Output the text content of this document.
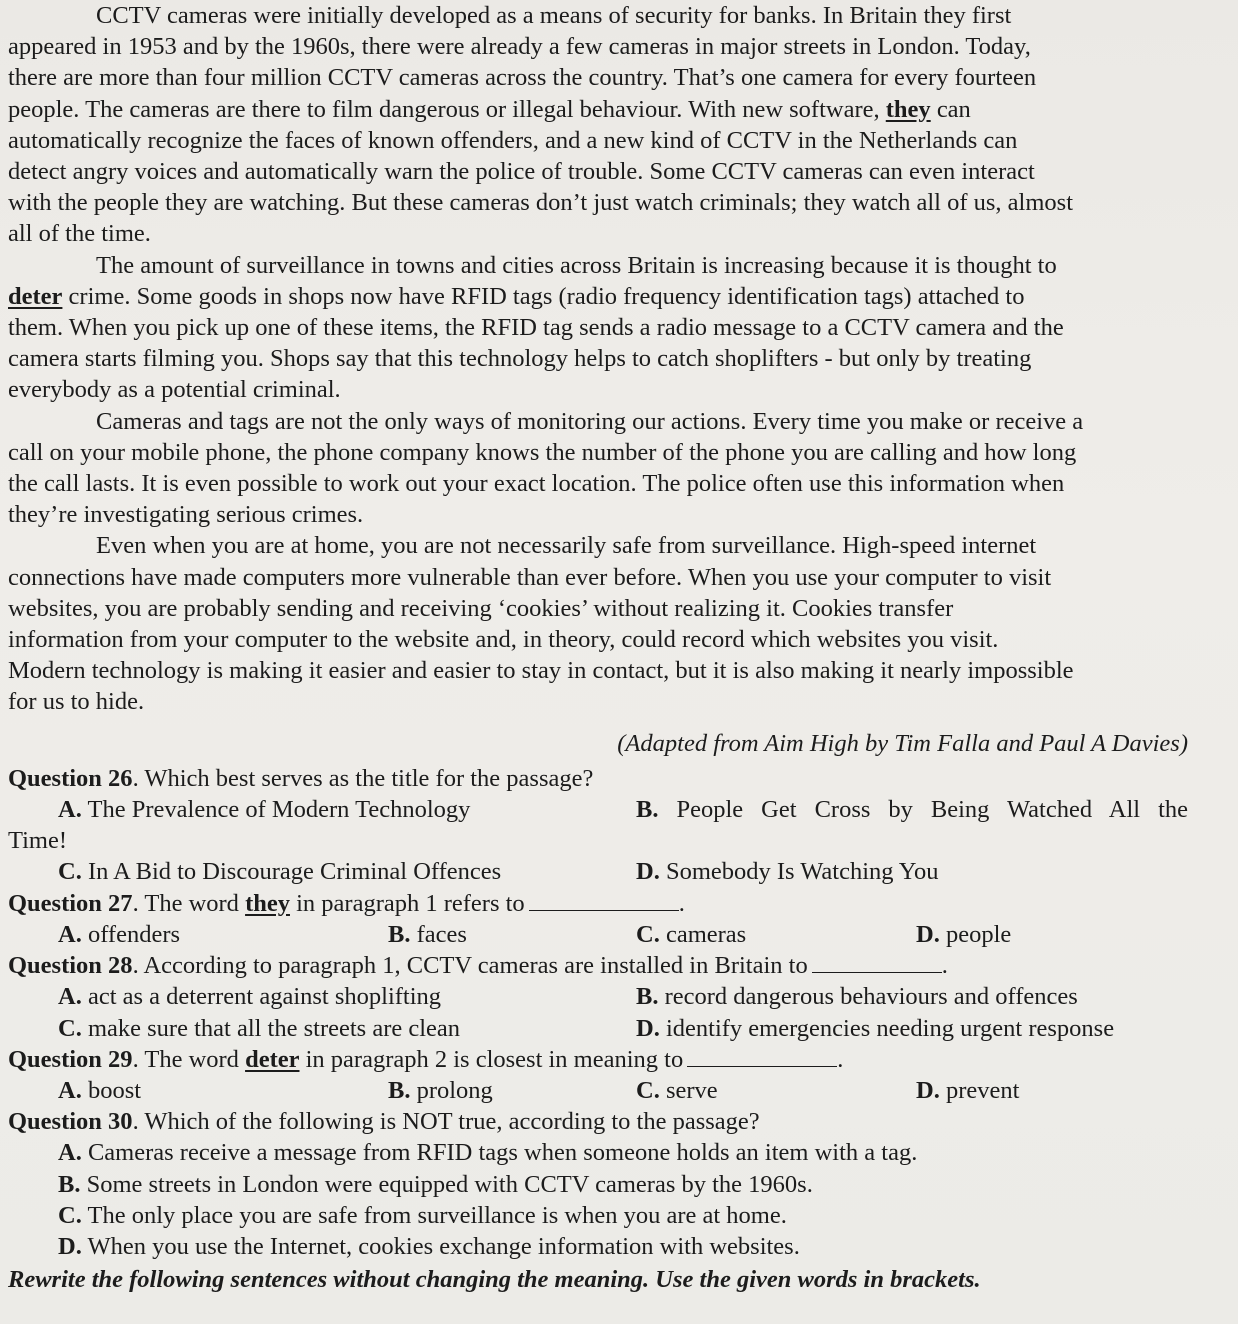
CCTV cameras were initially developed as a means of security for banks. In Britain they first

appeared in 1953 and by the 1960s, there were already a few cameras in major streets in London. Today,

there are more than four million CCTV cameras across the country. That’s one camera for every fourteen

people. The cameras are there to film dangerous or illegal behaviour. With new software, they can

automatically recognize the faces of known offenders, and a new kind of CCTV in the Netherlands can

detect angry voices and automatically warn the police of trouble. Some CCTV cameras can even interact

with the people they are watching. But these cameras don’t just watch criminals; they watch all of us, almost

all of the time.

The amount of surveillance in towns and cities across Britain is increasing because it is thought to

deter crime. Some goods in shops now have RFID tags (radio frequency identification tags) attached to

them. When you pick up one of these items, the RFID tag sends a radio message to a CCTV camera and the

camera starts filming you. Shops say that this technology helps to catch shoplifters - but only by treating

everybody as a potential criminal.

Cameras and tags are not the only ways of monitoring our actions. Every time you make or receive a

call on your mobile phone, the phone company knows the number of the phone you are calling and how long

the call lasts. It is even possible to work out your exact location. The police often use this information when

they’re investigating serious crimes.

Even when you are at home, you are not necessarily safe from surveillance. High-speed internet

connections have made computers more vulnerable than ever before. When you use your computer to visit

websites, you are probably sending and receiving ‘cookies’ without realizing it. Cookies transfer

information from your computer to the website and, in theory, could record which websites you visit.

Modern technology is making it easier and easier to stay in contact, but it is also making it nearly impossible

for us to hide.

(Adapted from Aim High by Tim Falla and Paul A Davies)

Question 26. Which best serves as the title for the passage?

A. The Prevalence of Modern Technology	B. People Get Cross by Being Watched All the

Time!

C. In A Bid to Discourage Criminal Offences	D. Somebody Is Watching You

Question 27. The word they in paragraph 1 refers to	.

A. offenders	B. faces	C. cameras	D. people

Question 28. According to paragraph 1, CCTV cameras are installed in Britain to	.

A. act as a deterrent against shoplifting	B. record dangerous behaviours and offences
C. make sure that all the streets are clean	D. identify emergencies needing urgent response

Question 29. The word deter in paragraph 2 is closest in meaning to	.

A. boost	B. prolong	C. serve	D. prevent

Question 30. Which of the following is NOT true, according to the passage?

A. Cameras receive a message from RFID tags when someone holds an item with a tag.

B. Some streets in London were equipped with CCTV cameras by the 1960s.

C. The only place you are safe from surveillance is when you are at home.

D. When you use the Internet, cookies exchange information with websites.

Rewrite the following sentences without changing the meaning. Use the given words in brackets.
